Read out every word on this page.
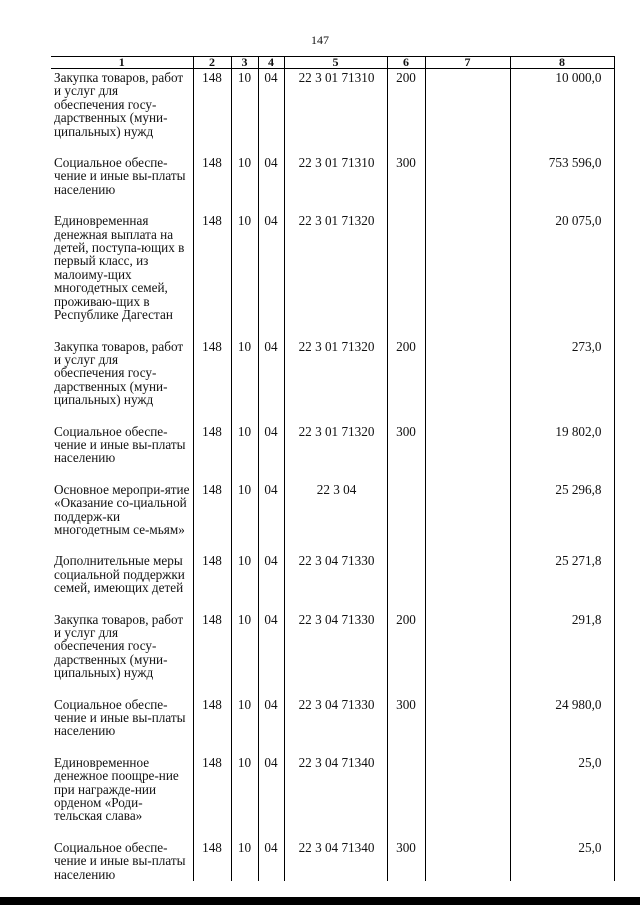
147
1	2	3	4	5	6	7	8
Закупка товаров, работ и услуг для обеспечения госу-дарственных (муни-ципальных) нужд	148	10	04	22 3 01 71310	200		10 000,0
Социальное обеспе-чение и иные вы-платы населению	148	10	04	22 3 01 71310	300		753 596,0
Единовременная денежная выплата на детей, поступа-ющих в первый класс, из малоиму-щих многодетных семей, проживаю-щих в Республике Дагестан	148	10	04	22 3 01 71320			20 075,0
Закупка товаров, работ и услуг для обеспечения госу-дарственных (муни-ципальных) нужд	148	10	04	22 3 01 71320	200		273,0
Социальное обеспе-чение и иные вы-платы населению	148	10	04	22 3 01 71320	300		19 802,0
Основное меропри-ятие «Оказание со-циальной поддерж-ки многодетным се-мьям»	148	10	04	22 3 04			25 296,8
Дополнительные меры социальной поддержки семей, имеющих детей	148	10	04	22 3 04 71330			25 271,8
Закупка товаров, работ и услуг для обеспечения госу-дарственных (муни-ципальных) нужд	148	10	04	22 3 04 71330	200		291,8
Социальное обеспе-чение и иные вы-платы населению	148	10	04	22 3 04 71330	300		24 980,0
Единовременное денежное поощре-ние при награжде-нии орденом «Роди-тельская слава»	148	10	04	22 3 04 71340			25,0
Социальное обеспе-чение и иные вы-платы населению	148	10	04	22 3 04 71340	300		25,0
